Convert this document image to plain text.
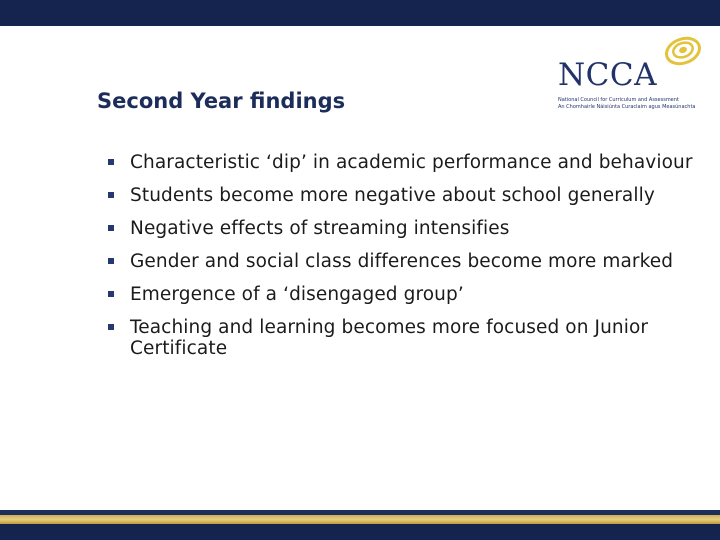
Second Year findings
NCCA
National Council for Curriculum and Assessment
An Chomhairle Náisiúnta Curaclaim agus Measúnachta
Characteristic ‘dip’ in academic performance and behaviour
Students become more negative about school generally
Negative effects of streaming intensifies
Gender and social class differences become more marked
Emergence of a ‘disengaged group’
Teaching and learning becomes more focused on Junior Certificate
